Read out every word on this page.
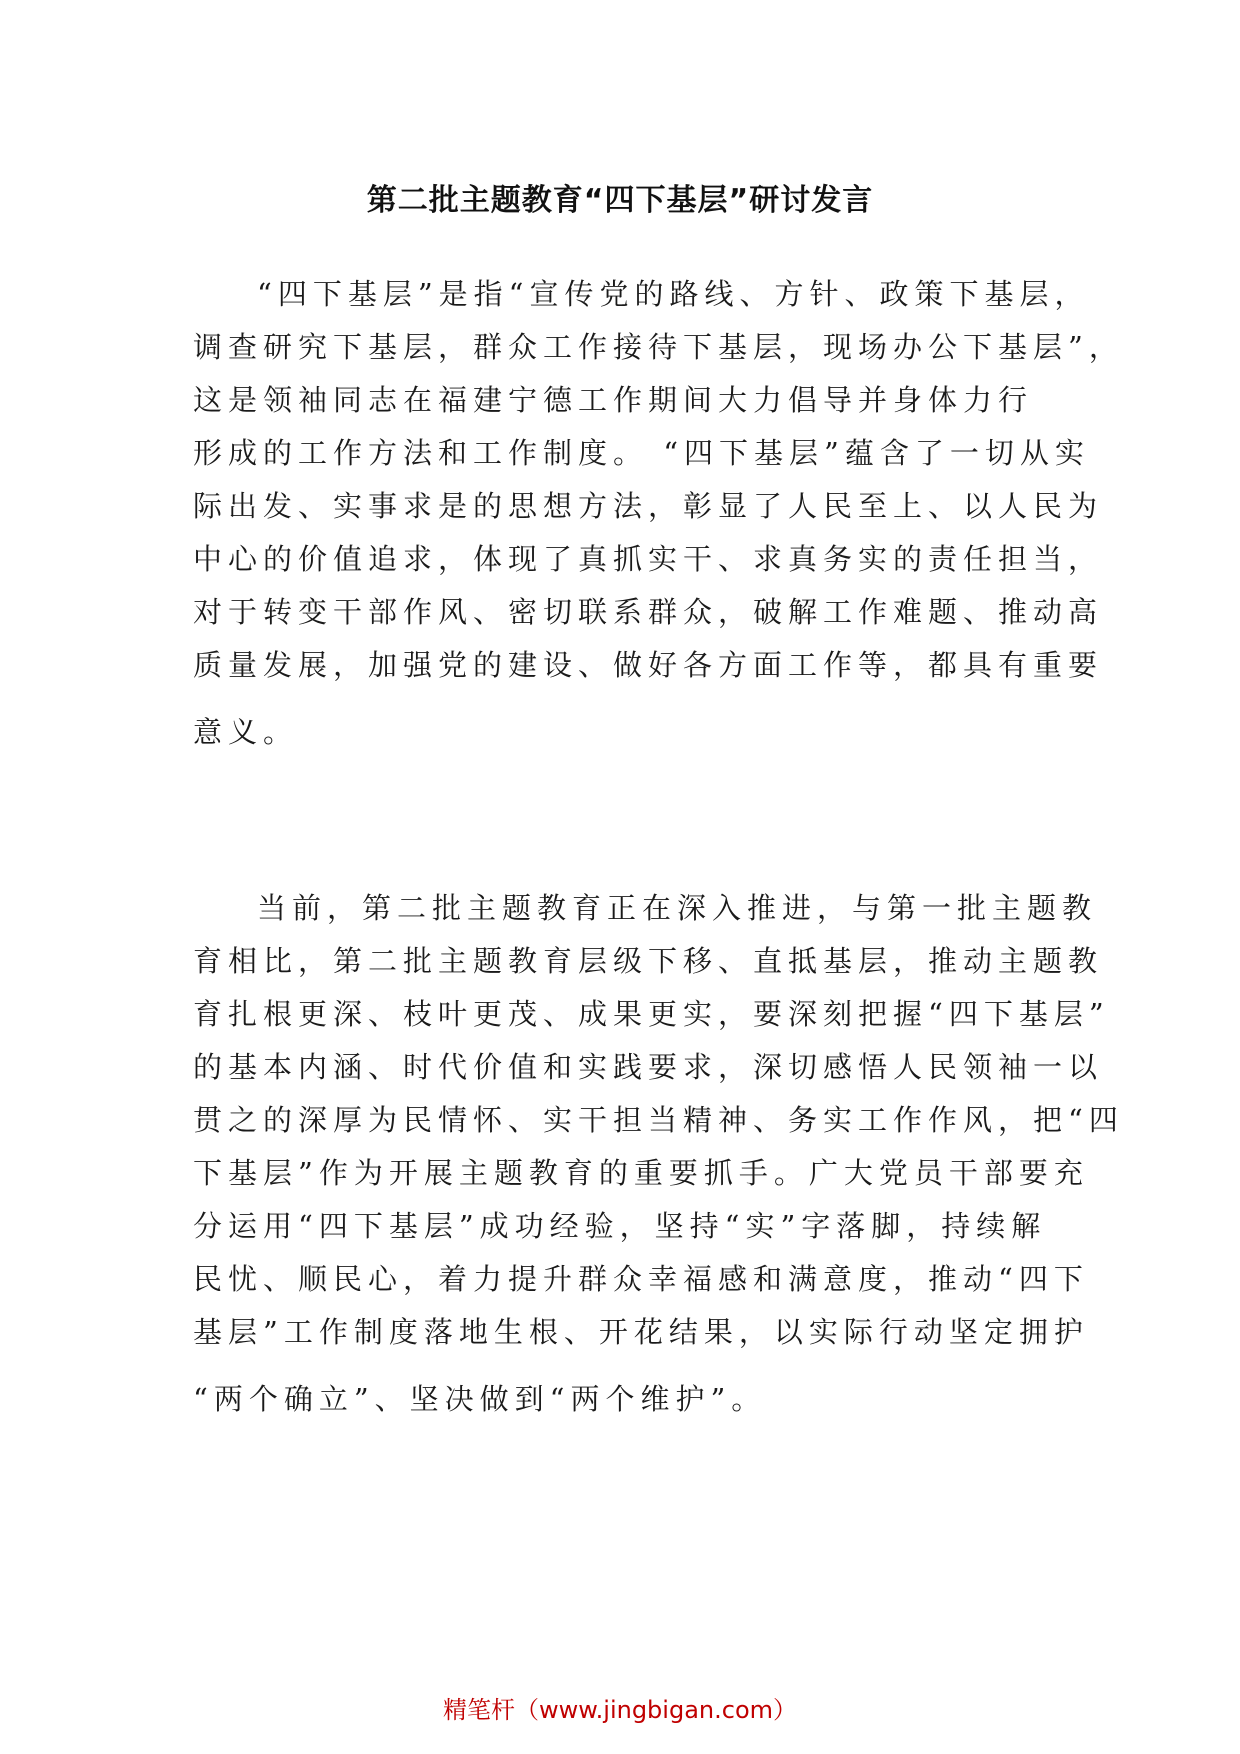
第二批主题教育“四下基层”研讨发言

“四下基层”是指“宣传党的路线、方针、政策下基层，
调查研究下基层，群众工作接待下基层，现场办公下基层”，
这是领袖同志在福建宁德工作期间大力倡导并身体力行
形成的工作方法和工作制度。 “四下基层”蕴含了一切从实
际出发、实事求是的思想方法，彰显了人民至上、以人民为
中心的价值追求，体现了真抓实干、求真务实的责任担当，
对于转变干部作风、密切联系群众，破解工作难题、推动高
质量发展，加强党的建设、做好各方面工作等，都具有重要
意义。

当前，第二批主题教育正在深入推进，与第一批主题教
育相比，第二批主题教育层级下移、直抵基层，推动主题教
育扎根更深、枝叶更茂、成果更实，要深刻把握“四下基层”
的基本内涵、时代价值和实践要求，深切感悟人民领袖一以
贯之的深厚为民情怀、实干担当精神、务实工作作风，把“四
下基层”作为开展主题教育的重要抓手。广大党员干部要充
分运用“四下基层”成功经验，坚持“实”字落脚，持续解
民忧、顺民心，着力提升群众幸福感和满意度，推动“四下
基层”工作制度落地生根、开花结果，以实际行动坚定拥护
“两个确立”、坚决做到“两个维护”。

精笔杆（www.jingbigan.com）
